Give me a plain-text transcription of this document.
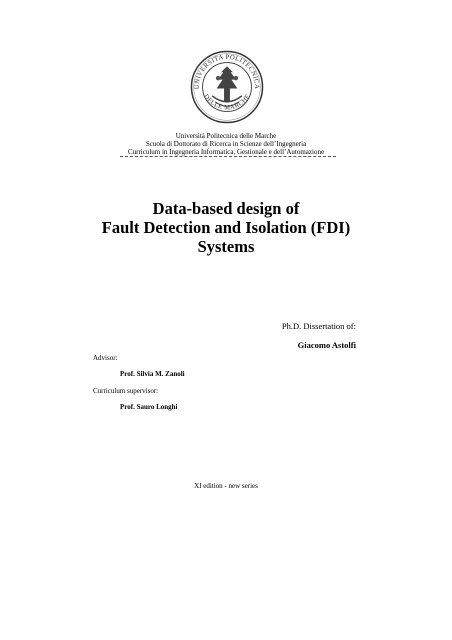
UNIVERSITA POLITECNICA
DELLE MARCHE
Università Politecnica delle Marche
Scuola di Dottorato di Ricerca in Scienze dell’Ingegneria
Curriculum in Ingegneria Informatica, Gestionale e dell’Automazione
Data-based design of
Fault Detection and Isolation (FDI)
Systems
Ph.D. Dissertation of:
Giacomo Astolfi
Advisor:
Prof. Silvia M. Zanoli
Curriculum supervisor:
Prof. Sauro Longhi
XI edition - new series
